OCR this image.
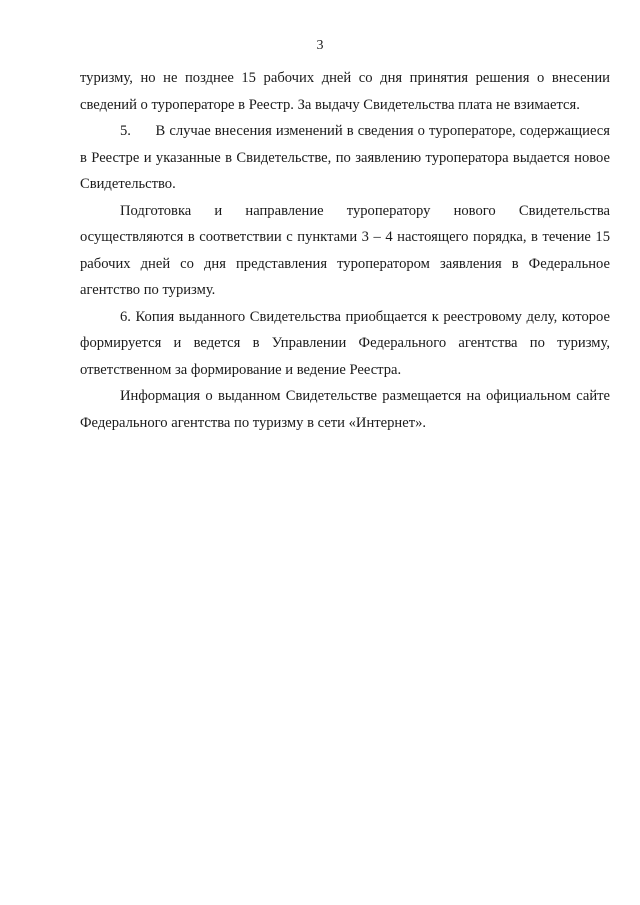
3

туризму, но не позднее 15 рабочих дней со дня принятия решения о внесении сведений о туроператоре в Реестр. За выдачу Свидетельства плата не взимается.

5.      В случае внесения изменений в сведения о туроператоре, содержащиеся в Реестре и указанные в Свидетельстве, по заявлению туроператора выдается новое Свидетельство.

Подготовка и направление туроператору нового Свидетельства осуществляются в соответствии с пунктами 3 – 4 настоящего порядка, в течение 15 рабочих дней со дня представления туроператором заявления в Федеральное агентство по туризму.

6. Копия выданного Свидетельства приобщается к реестровому делу, которое формируется и ведется в Управлении Федерального агентства по туризму, ответственном за формирование и ведение Реестра.

Информация о выданном Свидетельстве размещается на официальном сайте Федерального агентства по туризму в сети «Интернет».
